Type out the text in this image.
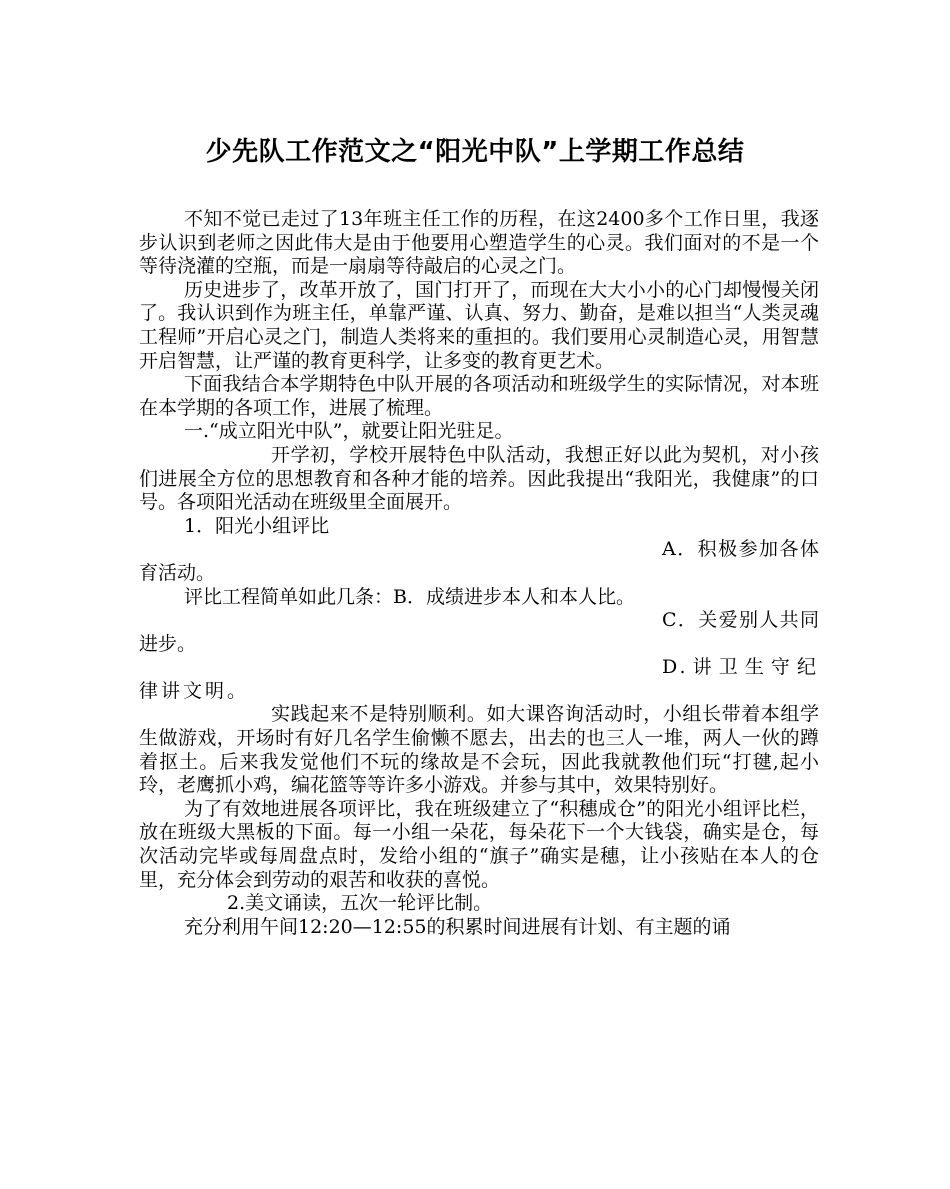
少先队工作范文之“阳光中队”上学期工作总结

不知不觉已走过了13年班主任工作的历程，在这2400多个工作日里，我逐步认识到老师之因此伟大是由于他要用心塑造学生的心灵。我们面对的不是一个等待浇灌的空瓶，而是一扇扇等待敲启的心灵之门。

历史进步了，改革开放了，国门打开了，而现在大大小小的心门却慢慢关闭了。我认识到作为班主任，单靠严谨、认真、努力、勤奋，是难以担当“人类灵魂工程师”开启心灵之门，制造人类将来的重担的。我们要用心灵制造心灵，用智慧开启智慧，让严谨的教育更科学，让多变的教育更艺术。

下面我结合本学期特色中队开展的各项活动和班级学生的实际情况，对本班在本学期的各项工作，进展了梳理。

一.“成立阳光中队”，就要让阳光驻足。

开学初，学校开展特色中队活动，我想正好以此为契机，对小孩们进展全方位的思想教育和各种才能的培养。因此我提出“我阳光，我健康”的口号。各项阳光活动在班级里全面展开。

1．阳光小组评比

A．积极参加各体育活动。

评比工程简单如此几条：B．成绩进步本人和本人比。

C．关爱别人共同进步。

D.讲卫生守纪律讲文明。

实践起来不是特别顺利。如大课咨询活动时，小组长带着本组学生做游戏，开场时有好几名学生偷懒不愿去，出去的也三人一堆，两人一伙的蹲着抠土。后来我发觉他们不玩的缘故是不会玩，因此我就教他们玩“打毽,起小玲，老鹰抓小鸡，编花篮等等许多小游戏。并参与其中，效果特别好。

为了有效地进展各项评比，我在班级建立了“积穗成仓”的阳光小组评比栏，放在班级大黑板的下面。每一小组一朵花，每朵花下一个大钱袋，确实是仓，每次活动完毕或每周盘点时，发给小组的“旗子”确实是穗，让小孩贴在本人的仓里，充分体会到劳动的艰苦和收获的喜悦。

2.美文诵读，五次一轮评比制。

充分利用午间12:20—12:55的积累时间进展有计划、有主题的诵
